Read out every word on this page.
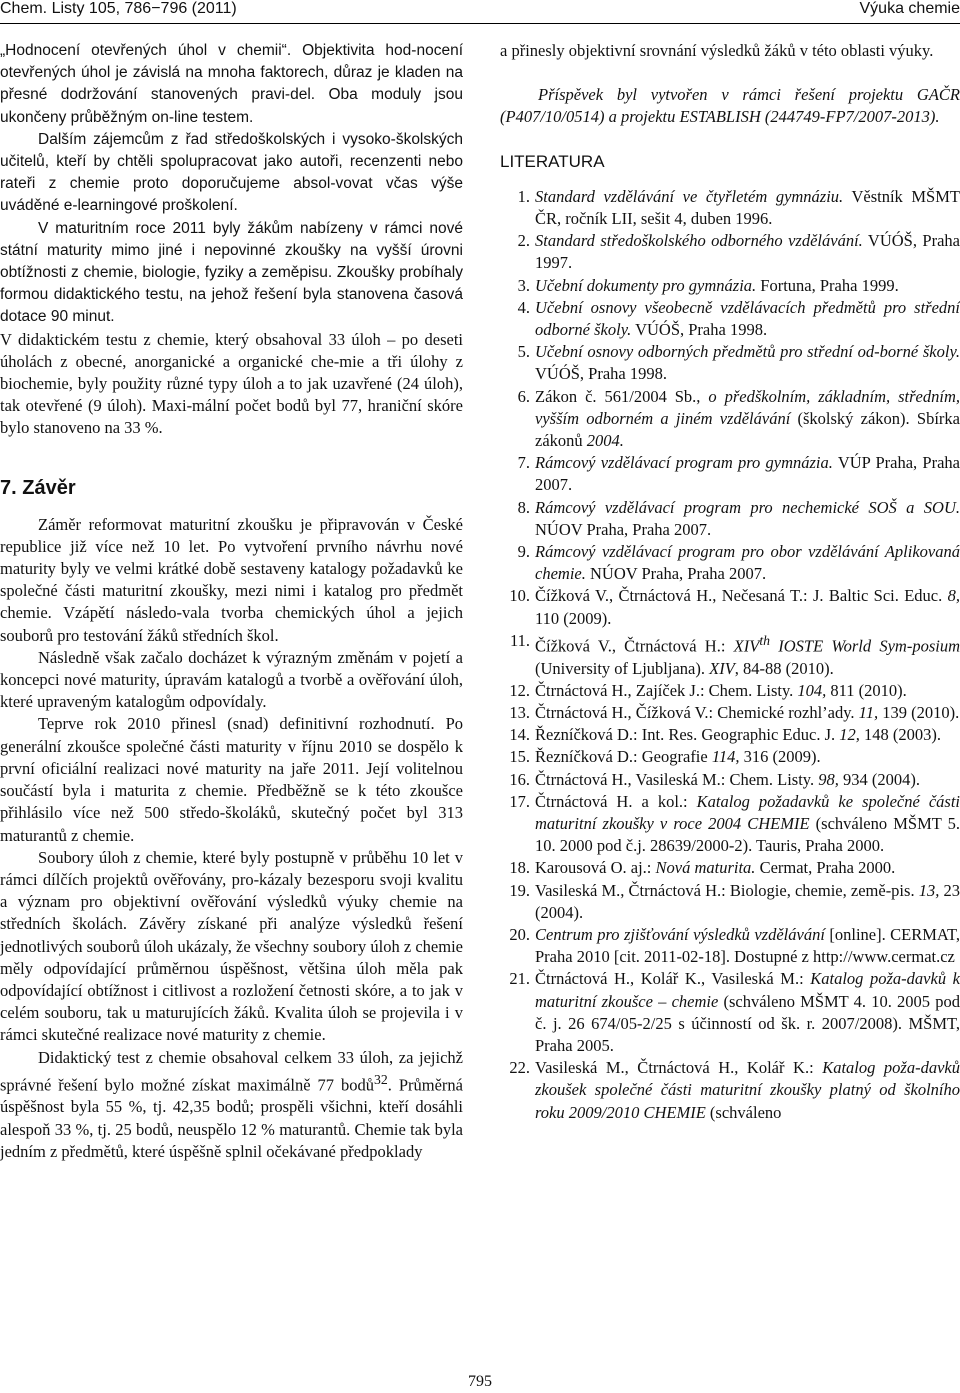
Chem. Listy 105, 786−796 (2011)	Výuka chemie

„Hodnocení otevřených úhol v chemii“. Objektivita hod-nocení otevřených úhol je závislá na mnoha faktorech, důraz je kladen na přesné dodržování stanovených pravi-del. Oba moduly jsou ukončeny průběžným on-line testem.

Dalším zájemcům z řad středoškolských i vysoko-školských učitelů, kteří by chtěli spolupracovat jako autoři, recenzenti nebo rateři z chemie proto doporučujeme absol-vovat včas výše uváděné e-learningové proškolení.

V maturitním roce 2011 byly žákům nabízeny v rámci nové státní maturity mimo jiné i nepovinné zkoušky na vyšší úrovni obtížnosti z chemie, biologie, fyziky a zeměpisu. Zkoušky probíhaly formou didaktického testu, na jehož řešení byla stanovena časová dotace 90 minut.

V didaktickém testu z chemie, který obsahoval 33 úloh – po deseti úholách z obecné, anorganické a organické che-mie a tři úlohy z biochemie, byly použity různé typy úloh a to jak uzavřené (24 úloh), tak otevřené (9 úloh). Maxi-mální počet bodů byl 77, hraniční skóre bylo stanoveno na 33 %.

7. Závěr

Záměr reformovat maturitní zkoušku je připravován v České republice již více než 10 let. Po vytvoření prvního návrhu nové maturity byly ve velmi krátké době sestaveny katalogy požadavků ke společné části maturitní zkoušky, mezi nimi i katalog pro předmět chemie. Vzápětí následo-vala tvorba chemických úhol a jejich souborů pro testování žáků středních škol.

Následně však začalo docházet k výrazným změnám v pojetí a koncepci nové maturity, úpravám katalogů a tvorbě a ověřování úloh, které upraveným katalogům odpovídaly.

Teprve rok 2010 přinesl (snad) definitivní rozhodnutí. Po generální zkoušce společné části maturity v říjnu 2010 se dospělo k první oficiální realizaci nové maturity na jaře 2011. Její volitelnou součástí byla i maturita z chemie. Předběžně se k této zkoušce přihlásilo více než 500 středo-školáků, skutečný počet byl 313 maturantů z chemie.

Soubory úloh z chemie, které byly postupně v průběhu 10 let v rámci dílčích projektů ověřovány, pro-kázaly bezesporu svoji kvalitu a význam pro objektivní ověřování výsledků výuky chemie na středních školách. Závěry získané při analýze výsledků řešení jednotlivých souborů úloh ukázaly, že všechny soubory úloh z chemie měly odpovídající průměrnou úspěšnost, většina úloh měla pak odpovídající obtížnost i citlivost a rozložení četnosti skóre, a to jak v celém souboru, tak u maturujících žáků. Kvalita úloh se projevila i v rámci skutečné realizace nové maturity z chemie.

Didaktický test z chemie obsahoval celkem 33 úloh, za jejichž správné řešení bylo možné získat maximálně 77 bodů$^{32}$. Průměrná úspěšnost byla 55 %, tj. 42,35 bodů; prospěli všichni, kteří dosáhli alespoň 33 %, tj. 25 bodů, neuspělo 12 % maturantů. Chemie tak byla jedním z předmětů, které úspěšně splnil očekávané předpoklady

a přinesly objektivní srovnání výsledků žáků v této oblasti výuky.

Příspěvek byl vytvořen v rámci řešení projektu GAČR (P407/10/0514) a projektu ESTABLISH (244749-FP7/2007-2013).

LITERATURA

1. Standard vzdělávání ve čtyřletém gymnáziu. Věstník MŠMT ČR, ročník LII, sešit 4, duben 1996.
2. Standard středoškolského odborného vzdělávání. VÚÓŠ, Praha 1997.
3. Učební dokumenty pro gymnázia. Fortuna, Praha 1999.
4. Učební osnovy všeobecně vzdělávacích předmětů pro střední odborné školy. VÚÓŠ, Praha 1998.
5. Učební osnovy odborných předmětů pro střední od-borné školy. VÚÓŠ, Praha 1998.
6. Zákon č. 561/2004 Sb., o předškolním, základním, středním, vyšším odborném a jiném vzdělávání (školský zákon). Sbírka zákonů 2004.
7. Rámcový vzdělávací program pro gymnázia. VÚP Praha, Praha 2007.
8. Rámcový vzdělávací program pro nechemické SOŠ a SOU. NÚOV Praha, Praha 2007.
9. Rámcový vzdělávací program pro obor vzdělávání Aplikovaná chemie. NÚOV Praha, Praha 2007.
10. Čížková V., Čtrnáctová H., Nečesaná T.: J. Baltic Sci. Educ. 8, 110 (2009).
11. Čížková V., Čtrnáctová H.: XIVth IOSTE World Sym-posium (University of Ljubljana). XIV, 84-88 (2010).
12. Čtrnáctová H., Zajíček J.: Chem. Listy. 104, 811 (2010).
13. Čtrnáctová H., Čížková V.: Chemické rozhl’ady. 11, 139 (2010).
14. Řezníčková D.: Int. Res. Geographic Educ. J. 12, 148 (2003).
15. Řezníčková D.: Geografie 114, 316 (2009).
16. Čtrnáctová H., Vasileská M.: Chem. Listy. 98, 934 (2004).
17. Čtrnáctová H. a kol.: Katalog požadavků ke společné části maturitní zkoušky v roce 2004 CHEMIE (schváleno MŠMT 5. 10. 2000 pod č.j. 28639/2000-2). Tauris, Praha 2000.
18. Karousová O. aj.: Nová maturita. Cermat, Praha 2000.
19. Vasileská M., Čtrnáctová H.: Biologie, chemie, země-pis. 13, 23 (2004).
20. Centrum pro zjišťování výsledků vzdělávání [online]. CERMAT, Praha 2010 [cit. 2011-02-18]. Dostupné z http://www.cermat.cz
21. Čtrnáctová H., Kolář K., Vasileská M.: Katalog poža-davků k maturitní zkoušce – chemie (schváleno MŠMT 4. 10. 2005 pod č. j. 26 674/05-2/25 s účinností od šk. r. 2007/2008). MŠMT, Praha 2005.
22. Vasileská M., Čtrnáctová H., Kolář K.: Katalog poža-davků zkoušek společné části maturitní zkoušky platný od školního roku 2009/2010 CHEMIE (schváleno
795
